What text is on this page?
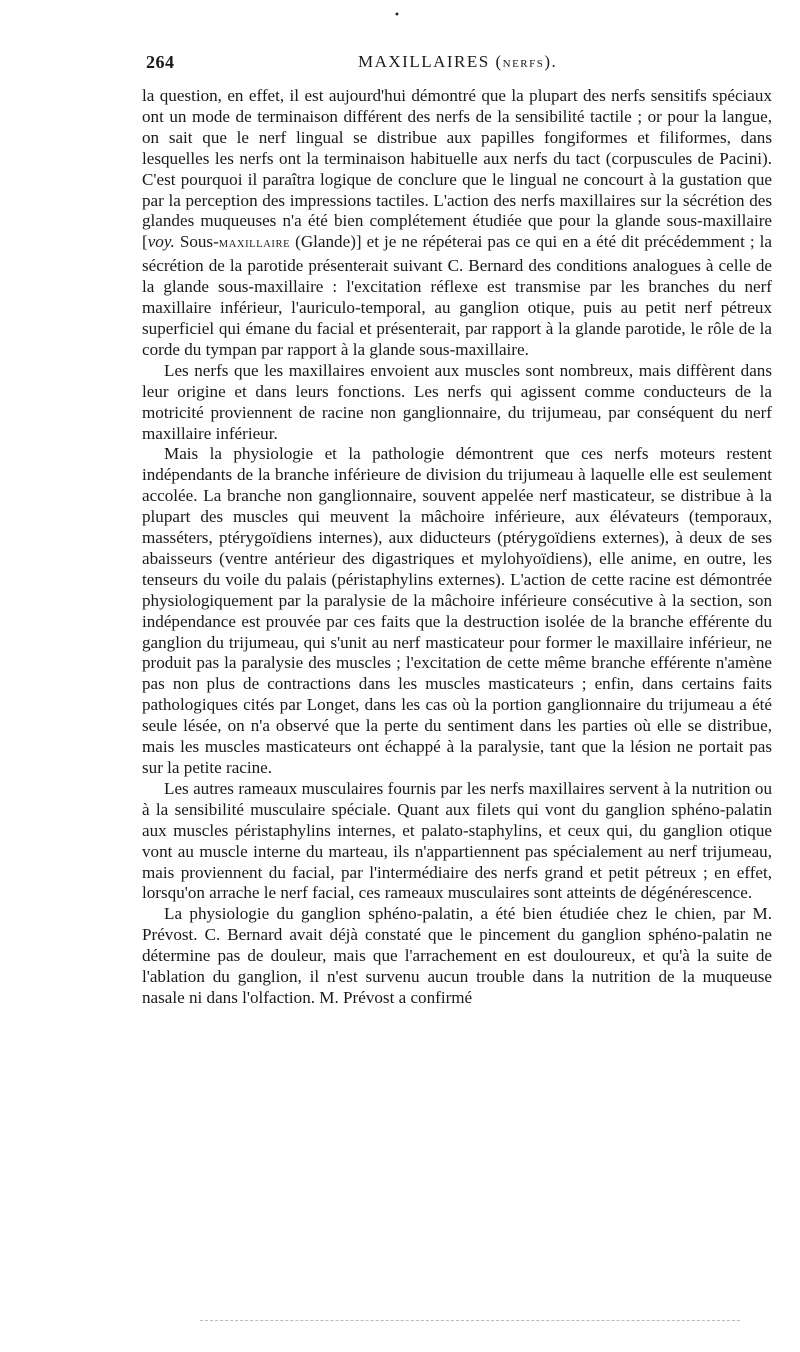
•
264	MAXILLAIRES (NERFS).

la question, en effet, il est aujourd'hui démontré que la plupart des nerfs sensitifs spéciaux ont un mode de terminaison différent des nerfs de la sensibilité tactile ; or pour la langue, on sait que le nerf lingual se distribue aux papilles fongiformes et filiformes, dans lesquelles les nerfs ont la terminaison habituelle aux nerfs du tact (corpuscules de Pacini). C'est pourquoi il paraîtra logique de conclure que le lingual ne concourt à la gustation que par la perception des impressions tactiles. L'action des nerfs maxillaires sur la sécrétion des glandes muqueuses n'a été bien complétement étudiée que pour la glande sous-maxillaire [voy. Sous-MAXILLAIRE (Glande)] et je ne répéterai pas ce qui en a été dit précédemment ; la sécrétion de la parotide présenterait suivant C. Bernard des conditions analogues à celle de la glande sous-maxillaire : l'excitation réflexe est transmise par les branches du nerf maxillaire inférieur, l'auriculo-temporal, au ganglion otique, puis au petit nerf pétreux superficiel qui émane du facial et présenterait, par rapport à la glande parotide, le rôle de la corde du tympan par rapport à la glande sous-maxillaire.

Les nerfs que les maxillaires envoient aux muscles sont nombreux, mais diffèrent dans leur origine et dans leurs fonctions. Les nerfs qui agissent comme conducteurs de la motricité proviennent de racine non ganglionnaire, du trijumeau, par conséquent du nerf maxillaire inférieur.

Mais la physiologie et la pathologie démontrent que ces nerfs moteurs restent indépendants de la branche inférieure de division du trijumeau à laquelle elle est seulement accolée. La branche non ganglionnaire, souvent appelée nerf masticateur, se distribue à la plupart des muscles qui meuvent la mâchoire inférieure, aux élévateurs (temporaux, masséters, ptérygoïdiens internes), aux diducteurs (ptérygoïdiens externes), à deux de ses abaisseurs (ventre antérieur des digastriques et mylohyoïdiens), elle anime, en outre, les tenseurs du voile du palais (péristaphylins externes). L'action de cette racine est démontrée physiologiquement par la paralysie de la mâchoire inférieure consécutive à la section, son indépendance est prouvée par ces faits que la destruction isolée de la branche efférente du ganglion du trijumeau, qui s'unit au nerf masticateur pour former le maxillaire inférieur, ne produit pas la paralysie des muscles ; l'excitation de cette même branche efférente n'amène pas non plus de contractions dans les muscles masticateurs ; enfin, dans certains faits pathologiques cités par Longet, dans les cas où la portion ganglionnaire du trijumeau a été seule lésée, on n'a observé que la perte du sentiment dans les parties où elle se distribue, mais les muscles masticateurs ont échappé à la paralysie, tant que la lésion ne portait pas sur la petite racine.

Les autres rameaux musculaires fournis par les nerfs maxillaires servent à la nutrition ou à la sensibilité musculaire spéciale. Quant aux filets qui vont du ganglion sphéno-palatin aux muscles péristaphylins internes, et palato-staphylins, et ceux qui, du ganglion otique vont au muscle interne du marteau, ils n'appartiennent pas spécialement au nerf trijumeau, mais proviennent du facial, par l'intermédiaire des nerfs grand et petit pétreux ; en effet, lorsqu'on arrache le nerf facial, ces rameaux musculaires sont atteints de dégénérescence.

La physiologie du ganglion sphéno-palatin, a été bien étudiée chez le chien, par M. Prévost. C. Bernard avait déjà constaté que le pincement du ganglion sphéno-palatin ne détermine pas de douleur, mais que l'arrachement en est douloureux, et qu'à la suite de l'ablation du ganglion, il n'est survenu aucun trouble dans la nutrition de la muqueuse nasale ni dans l'olfaction. M. Prévost a confirmé
